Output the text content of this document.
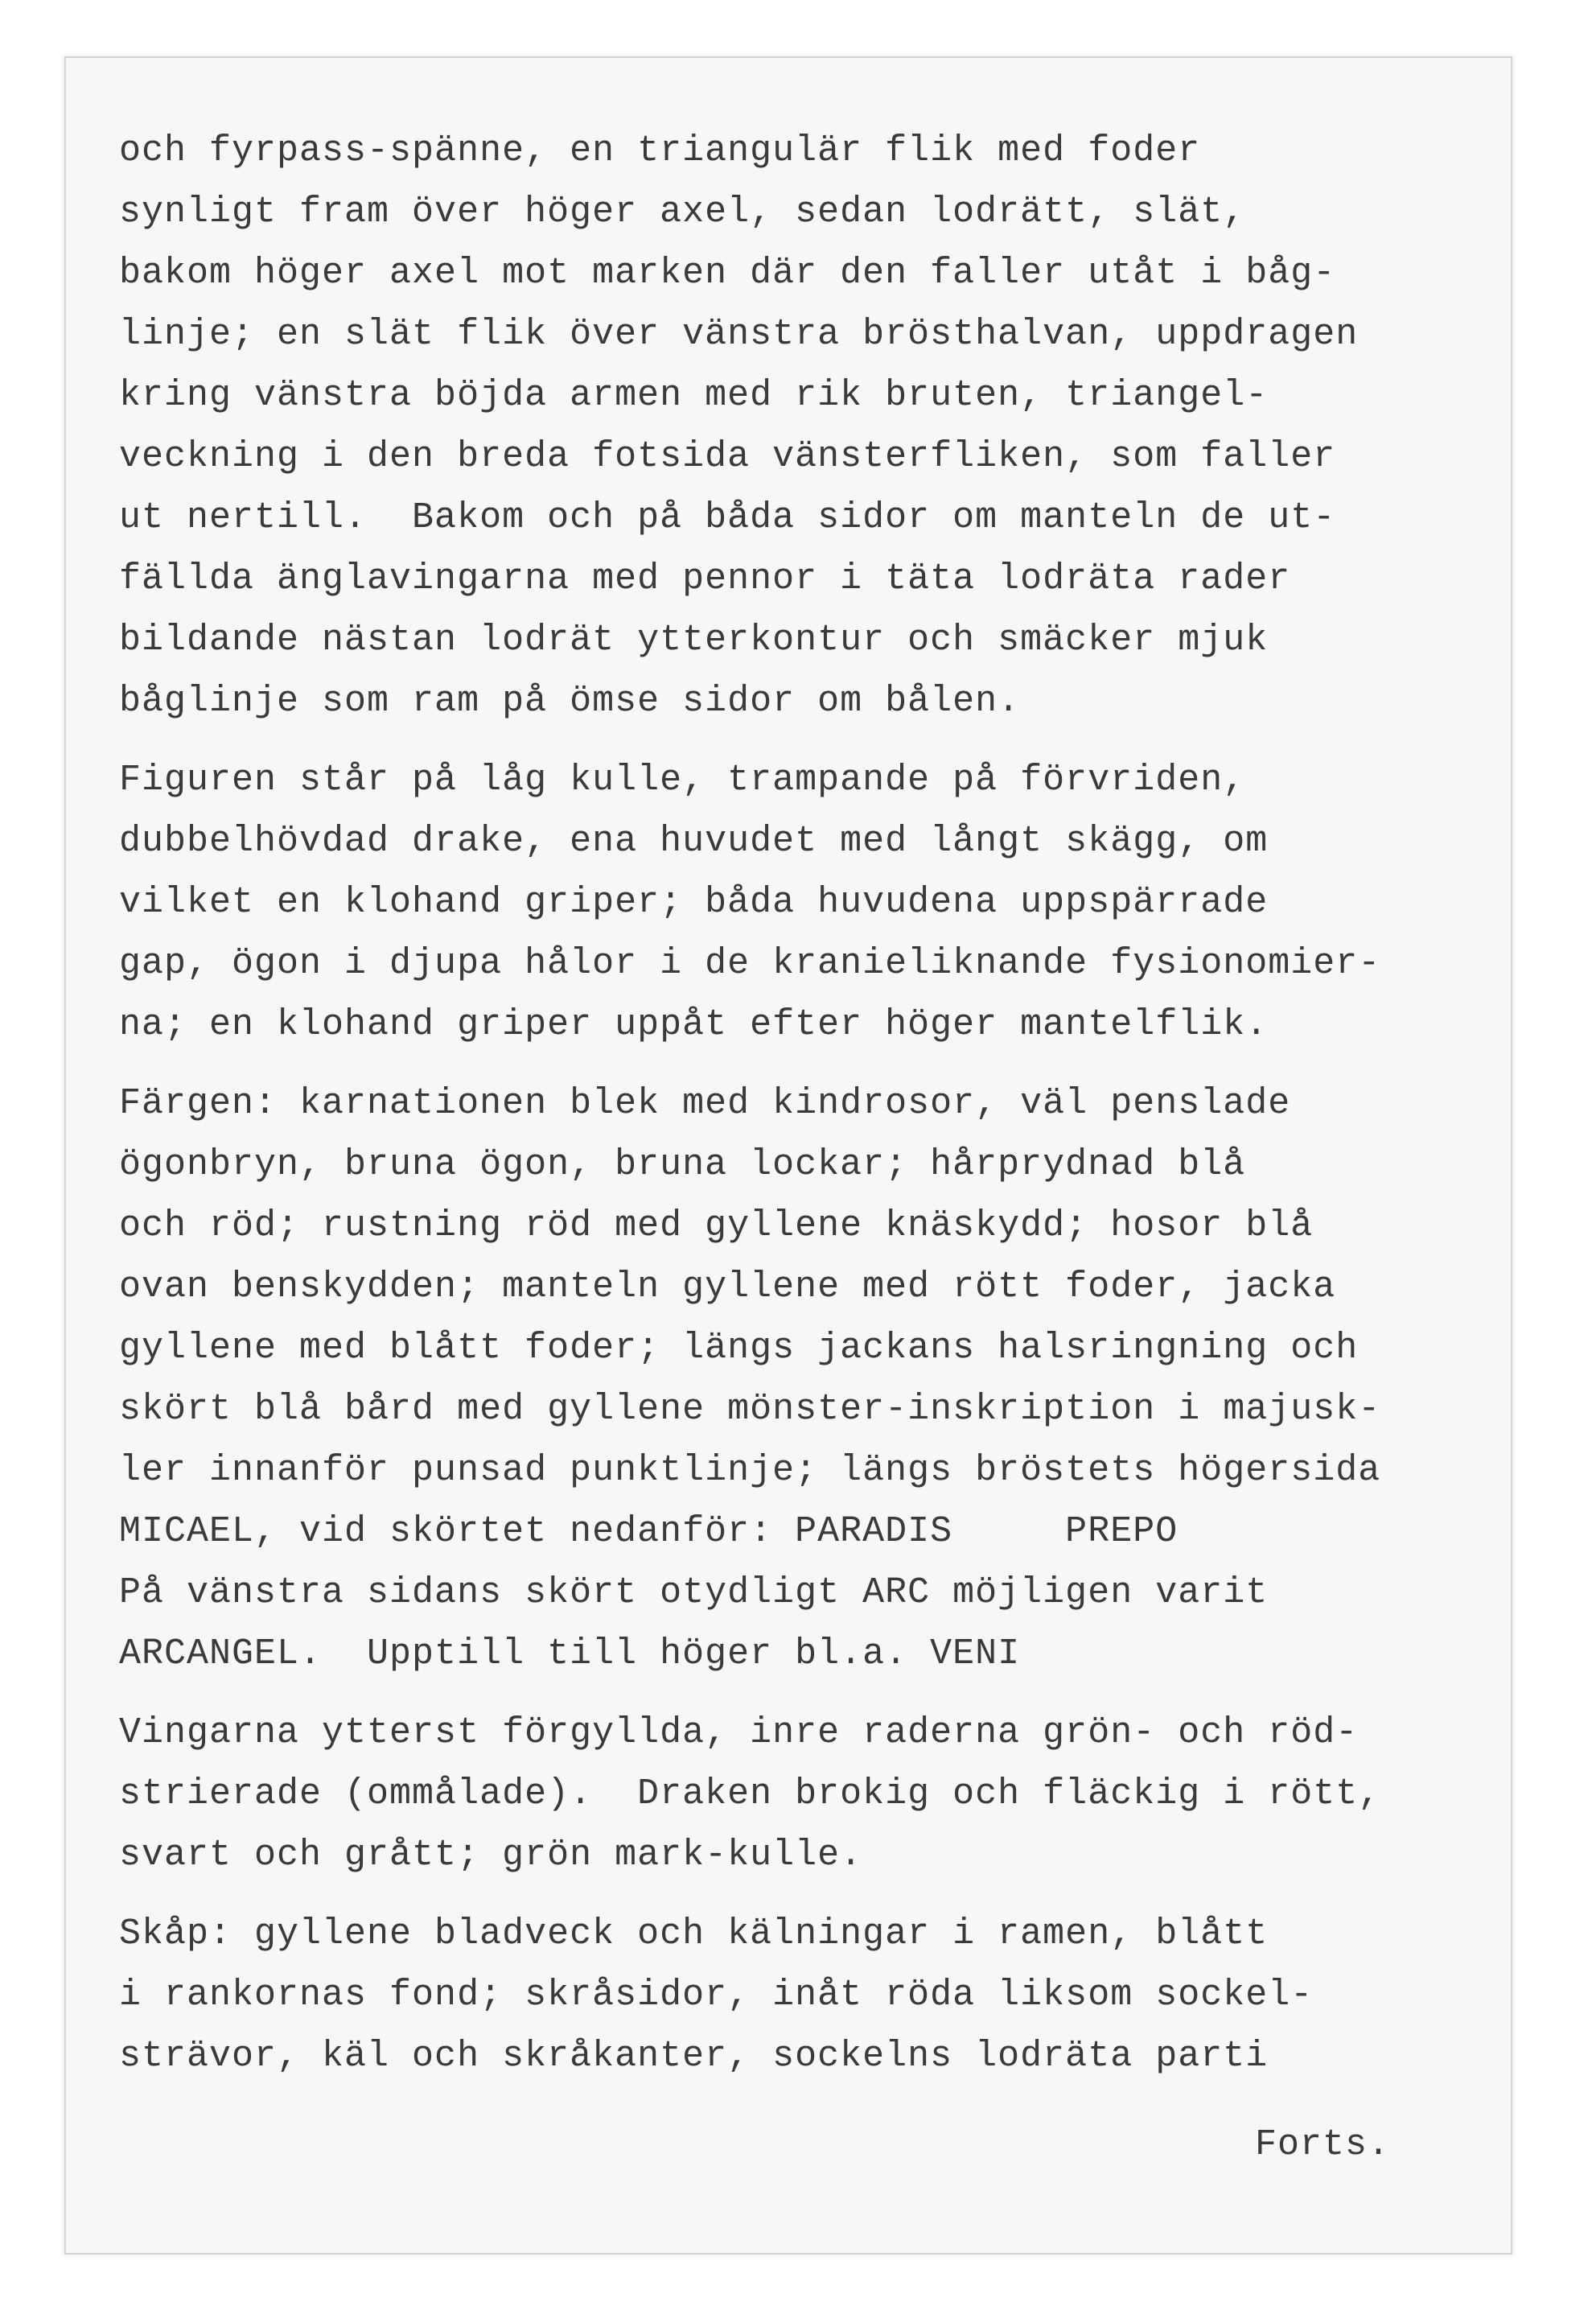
och fyrpass-spänne, en triangulär flik med foder
synligt fram över höger axel, sedan lodrätt, slät,
bakom höger axel mot marken där den faller utåt i båg-
linje; en slät flik över vänstra brösthalvan, uppdragen
kring vänstra böjda armen med rik bruten, triangel-
veckning i den breda fotsida vänsterfliken, som faller
ut nertill.  Bakom och på båda sidor om manteln de ut-
fällda änglavingarna med pennor i täta lodräta rader
bildande nästan lodrät ytterkontur och smäcker mjuk
båglinje som ram på ömse sidor om bålen.
Figuren står på låg kulle, trampande på förvriden,
dubbelhövdad drake, ena huvudet med långt skägg, om
vilket en klohand griper; båda huvudena uppspärrade
gap, ögon i djupa hålor i de kranieliknande fysionomier-
na; en klohand griper uppåt efter höger mantelflik.
Färgen: karnationen blek med kindrosor, väl penslade
ögonbryn, bruna ögon, bruna lockar; hårprydnad blå
och röd; rustning röd med gyllene knäskydd; hosor blå
ovan benskydden; manteln gyllene med rött foder, jacka
gyllene med blått foder; längs jackans halsringning och
skört blå bård med gyllene mönster-inskription i majusk-
ler innanför punsad punktlinje; längs bröstets högersida
MICAEL, vid skörtet nedanför: PARADIS     PREPO
På vänstra sidans skört otydligt ARC möjligen varit
ARCANGEL.  Upptill till höger bl.a. VENI
Vingarna ytterst förgyllda, inre raderna grön- och röd-
strierade (ommålade).  Draken brokig och fläckig i rött,
svart och grått; grön mark-kulle.
Skåp: gyllene bladveck och kälningar i ramen, blått
i rankornas fond; skråsidor, inåt röda liksom sockel-
strävor, käl och skråkanter, sockelns lodräta parti
Forts.
